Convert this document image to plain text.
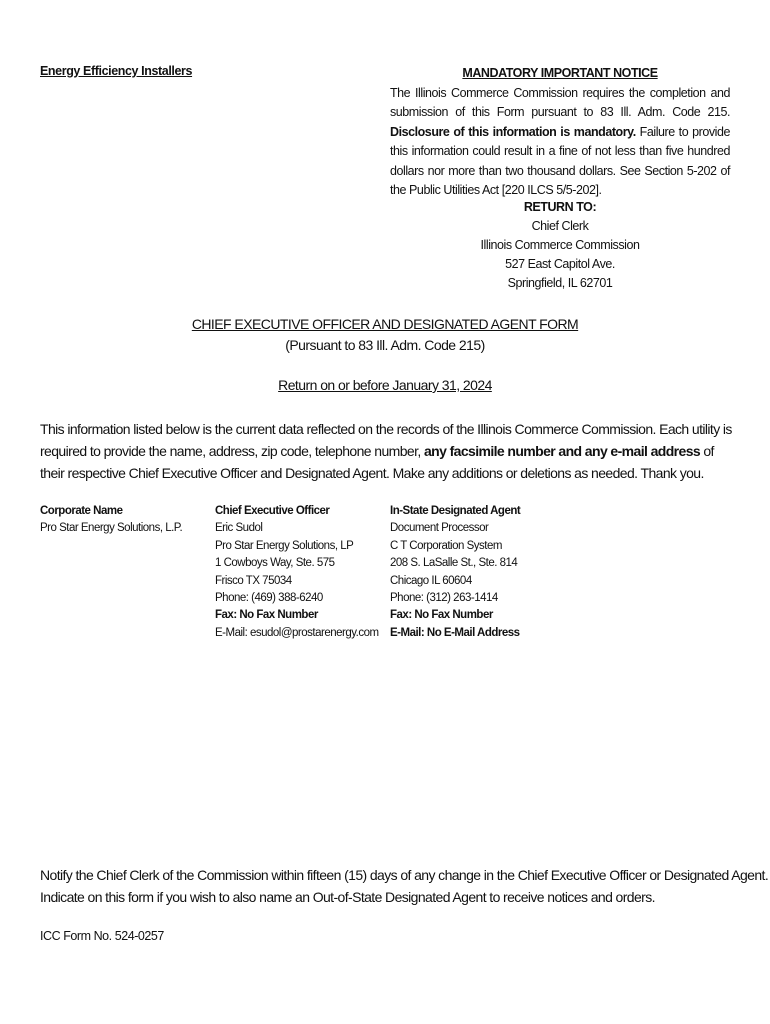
Energy Efficiency Installers	MANDATORY IMPORTANT NOTICE
The Illinois Commerce Commission requires the completion and submission of this Form pursuant to 83 Ill. Adm. Code 215. Disclosure of this information is mandatory. Failure to provide this information could result in a fine of not less than five hundred dollars nor more than two thousand dollars. See Section 5-202 of the Public Utilities Act [220 ILCS 5/5-202].
RETURN TO:
Chief Clerk
Illinois Commerce Commission
527 East Capitol Ave.
Springfield, IL 62701
CHIEF EXECUTIVE OFFICER AND DESIGNATED AGENT FORM
(Pursuant to 83 Ill. Adm. Code 215)
Return on or before January 31, 2024
This information listed below is the current data reflected on the records of the Illinois Commerce Commission. Each utility is required to provide the name, address, zip code, telephone number, any facsimile number and any e-mail address of their respective Chief Executive Officer and Designated Agent. Make any additions or deletions as needed. Thank you.
Corporate Name
Pro Star Energy Solutions, L.P.
Chief Executive Officer
Eric Sudol
Pro Star Energy Solutions, LP
1 Cowboys Way, Ste. 575
Frisco TX 75034
Phone: (469) 388-6240
Fax: No Fax Number
E-Mail: esudol@prostarenergy.com
In-State Designated Agent
Document Processor
C T Corporation System
208 S. LaSalle St., Ste. 814
Chicago IL 60604
Phone: (312) 263-1414
Fax: No Fax Number
E-Mail: No E-Mail Address
Notify the Chief Clerk of the Commission within fifteen (15) days of any change in the Chief Executive Officer or Designated Agent.
Indicate on this form if you wish to also name an Out-of-State Designated Agent to receive notices and orders.
ICC Form No. 524-0257
